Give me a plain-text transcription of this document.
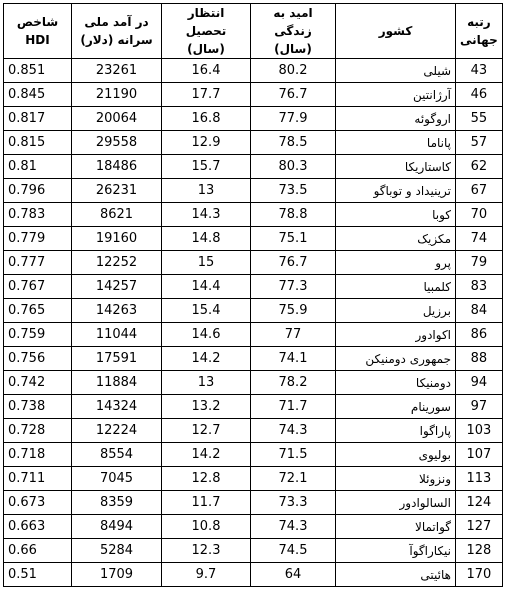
رتبه جهانی	کشور	امید به زندگی (سال)	انتظار تحصیل (سال)	در آمد ملی سرانه (دلار)	شاخص HDI
43	شیلی	80.2	16.4	23261	0.851
46	آرژانتین	76.7	17.7	21190	0.845
55	اروگوئه	77.9	16.8	20064	0.817
57	پاناما	78.5	12.9	29558	0.815
62	کاستاریکا	80.3	15.7	18486	0.81
67	ترینیداد و توباگو	73.5	13	26231	0.796
70	کوبا	78.8	14.3	8621	0.783
74	مکزیک	75.1	14.8	19160	0.779
79	پرو	76.7	15	12252	0.777
83	کلمبیا	77.3	14.4	14257	0.767
84	برزیل	75.9	15.4	14263	0.765
86	اکوادور	77	14.6	11044	0.759
88	جمهوری دومنیکن	74.1	14.2	17591	0.756
94	دومنیکا	78.2	13	11884	0.742
97	سورینام	71.7	13.2	14324	0.738
103	پاراگوا	74.3	12.7	12224	0.728
107	بولیوی	71.5	14.2	8554	0.718
113	ونزوئلا	72.1	12.8	7045	0.711
124	السالوادور	73.3	11.7	8359	0.673
127	گواتمالا	74.3	10.8	8494	0.663
128	نیکاراگوآ	74.5	12.3	5284	0.66
170	هائیتی	64	9.7	1709	0.51
